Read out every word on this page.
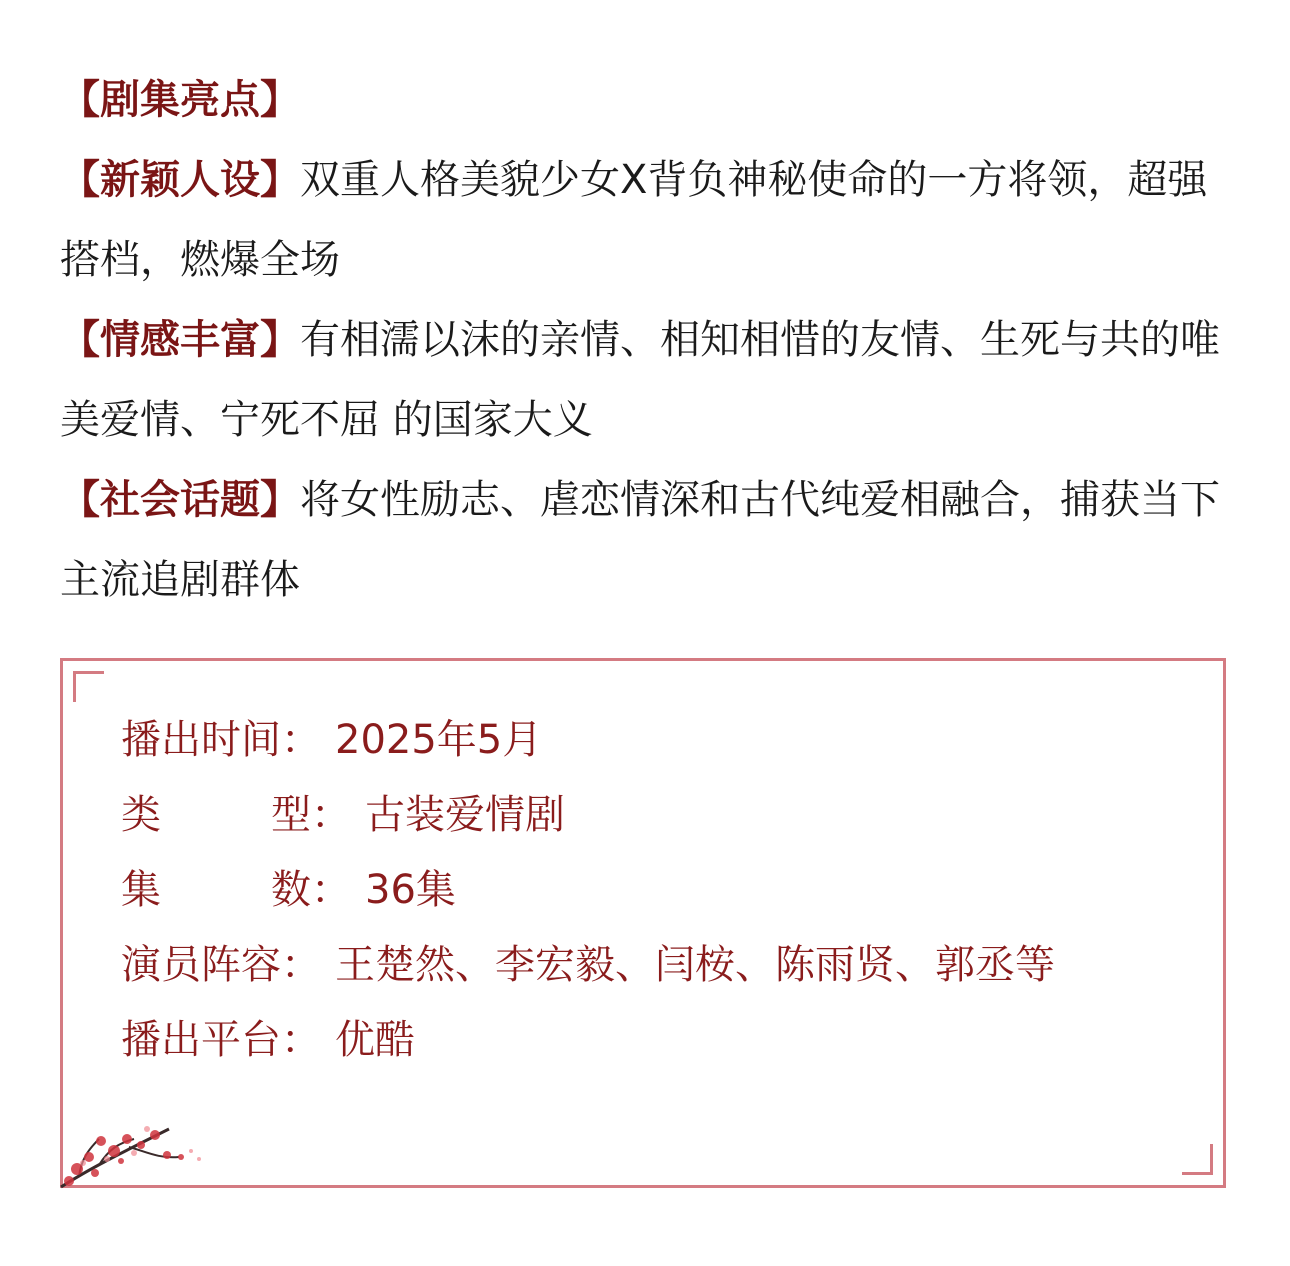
【剧集亮点】

【新颖人设】双重人格美貌少女X背负神秘使命的一方将领，超强搭档，燃爆全场

【情感丰富】有相濡以沫的亲情、相知相惜的友情、生死与共的唯美爱情、宁死不屈 的国家大义

【社会话题】将女性励志、虐恋情深和古代纯爱相融合，捕获当下主流追剧群体

播出时间： 2025年5月
类	型 ： 古装爱情剧
集	数 ： 36集
演员阵容： 王楚然、李宏毅、闫桉、陈雨贤、郭丞等
播出平台： 优酷
